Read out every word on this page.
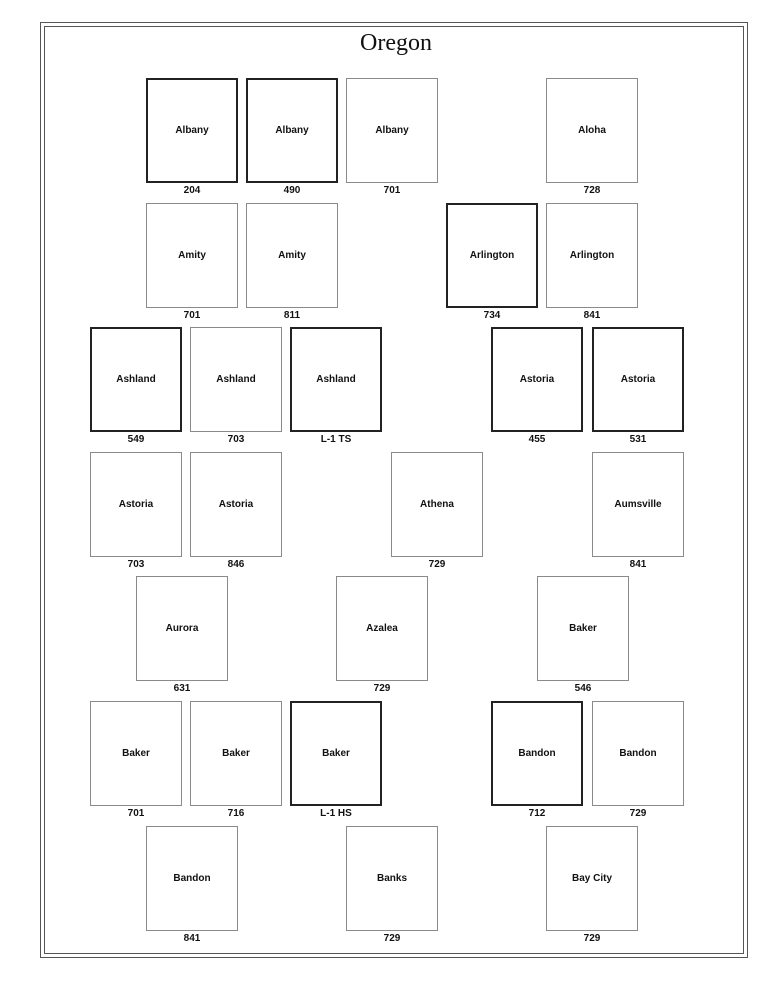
Oregon
Albany
204
Albany
490
Albany
701
Aloha
728
Amity
701
Amity
811
Arlington
734
Arlington
841
Ashland
549
Ashland
703
Ashland
L-1 TS
Astoria
455
Astoria
531
Astoria
703
Astoria
846
Athena
729
Aumsville
841
Aurora
631
Azalea
729
Baker
546
Baker
701
Baker
716
Baker
L-1 HS
Bandon
712
Bandon
729
Bandon
841
Banks
729
Bay City
729
